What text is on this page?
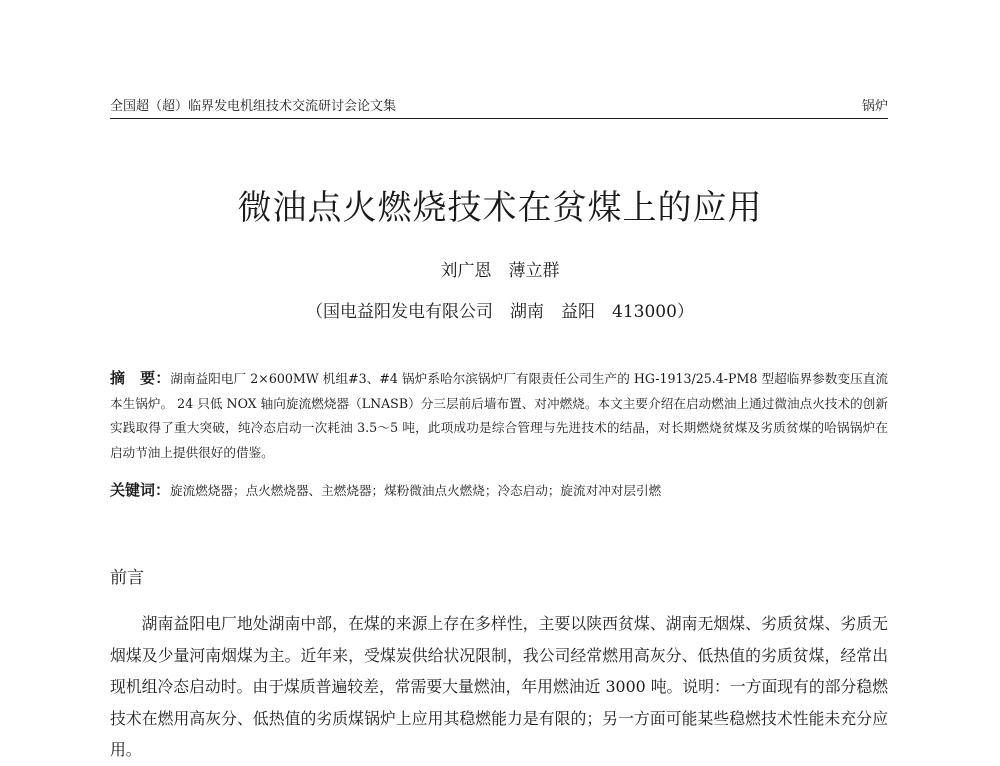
全国超（超）临界发电机组技术交流研讨会论文集	锅炉
微油点火燃烧技术在贫煤上的应用
刘广恩　薄立群
（国电益阳发电有限公司　湖南　益阳　413000）
摘　要：湖南益阳电厂 2×600MW 机组#3、#4 锅炉系哈尔滨锅炉厂有限责任公司生产的 HG-1913/25.4-PM8 型超临界参数变压直流本生锅炉。 24 只低 NOX 轴向旋流燃烧器（LNASB）分三层前后墙布置、对冲燃烧。本文主要介绍在启动燃油上通过微油点火技术的创新实践取得了重大突破，纯冷态启动一次耗油 3.5～5 吨，此项成功是综合管理与先进技术的结晶，对长期燃烧贫煤及劣质贫煤的哈锅锅炉在启动节油上提供很好的借鉴。
关键词：旋流燃烧器；点火燃烧器、主燃烧器；煤粉微油点火燃烧；冷态启动；旋流对冲对层引燃
前言

湖南益阳电厂地处湖南中部，在煤的来源上存在多样性，主要以陕西贫煤、湖南无烟煤、劣质贫煤、劣质无烟煤及少量河南烟煤为主。近年来，受煤炭供给状况限制，我公司经常燃用高灰分、低热值的劣质贫煤，经常出现机组冷态启动时。由于煤质普遍较差，常需要大量燃油，年用燃油近 3000 吨。说明：一方面现有的部分稳燃技术在燃用高灰分、低热值的劣质煤锅炉上应用其稳燃能力是有限的；另一方面可能某些稳燃技术性能未充分应用。
